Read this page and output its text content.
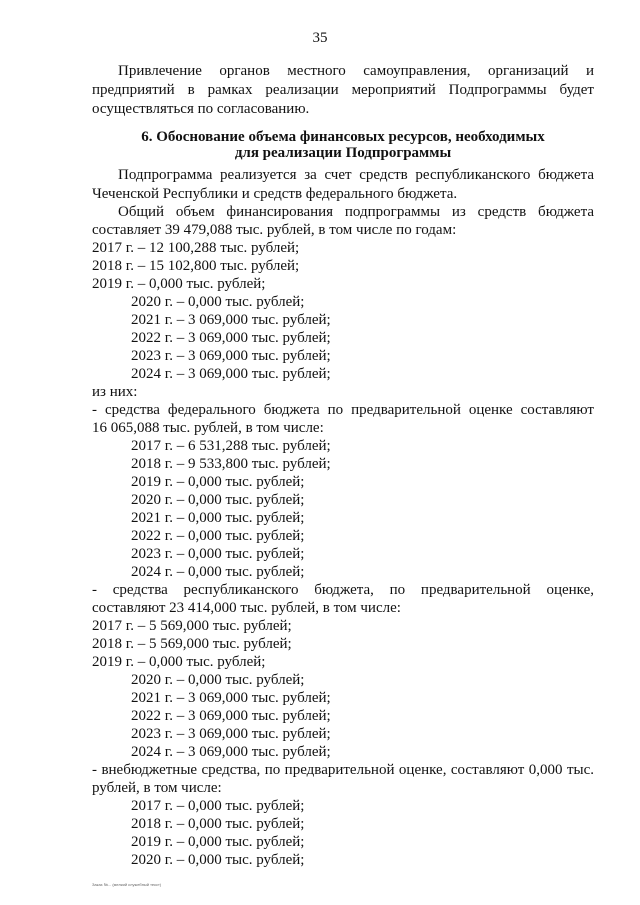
35
Привлечение органов местного самоуправления, организаций и
предприятий в рамках реализации мероприятий Подпрограммы будет
осуществляться по согласованию.
6. Обоснование объема финансовых ресурсов, необходимых
для реализации Подпрограммы
Подпрограмма реализуется за счет средств республиканского бюджета
Чеченской Республики и средств федерального бюджета.
Общий объем финансирования подпрограммы из средств бюджета
составляет 39 479,088 тыс. рублей, в том числе по годам:
2017 г. – 12 100,288 тыс. рублей;
2018 г. – 15 102,800 тыс. рублей;
2019 г. – 0,000 тыс. рублей;
2020 г. – 0,000 тыс. рублей;
2021 г. – 3 069,000 тыс. рублей;
2022 г. – 3 069,000 тыс. рублей;
2023 г. – 3 069,000 тыс. рублей;
2024 г. – 3 069,000 тыс. рублей;
из них:
- средства федерального бюджета по предварительной оценке составляют
16 065,088 тыс. рублей, в том числе:
2017 г. – 6 531,288 тыс. рублей;
2018 г. – 9 533,800 тыс. рублей;
2019 г. – 0,000 тыс. рублей;
2020 г. – 0,000 тыс. рублей;
2021 г. – 0,000 тыс. рублей;
2022 г. – 0,000 тыс. рублей;
2023 г. – 0,000 тыс. рублей;
2024 г. – 0,000 тыс. рублей;
- средства республиканского бюджета, по предварительной оценке,
составляют 23 414,000 тыс. рублей, в том числе:
2017 г. – 5 569,000 тыс. рублей;
2018 г. – 5 569,000 тыс. рублей;
2019 г. – 0,000 тыс. рублей;
2020 г. – 0,000 тыс. рублей;
2021 г. – 3 069,000 тыс. рублей;
2022 г. – 3 069,000 тыс. рублей;
2023 г. – 3 069,000 тыс. рублей;
2024 г. – 3 069,000 тыс. рублей;
- внебюджетные средства, по предварительной оценке, составляют 0,000 тыс.
рублей, в том числе:
2017 г. – 0,000 тыс. рублей;
2018 г. – 0,000 тыс. рублей;
2019 г. – 0,000 тыс. рублей;
2020 г. – 0,000 тыс. рублей;
Заказ №... (мелкий служебный текст)
